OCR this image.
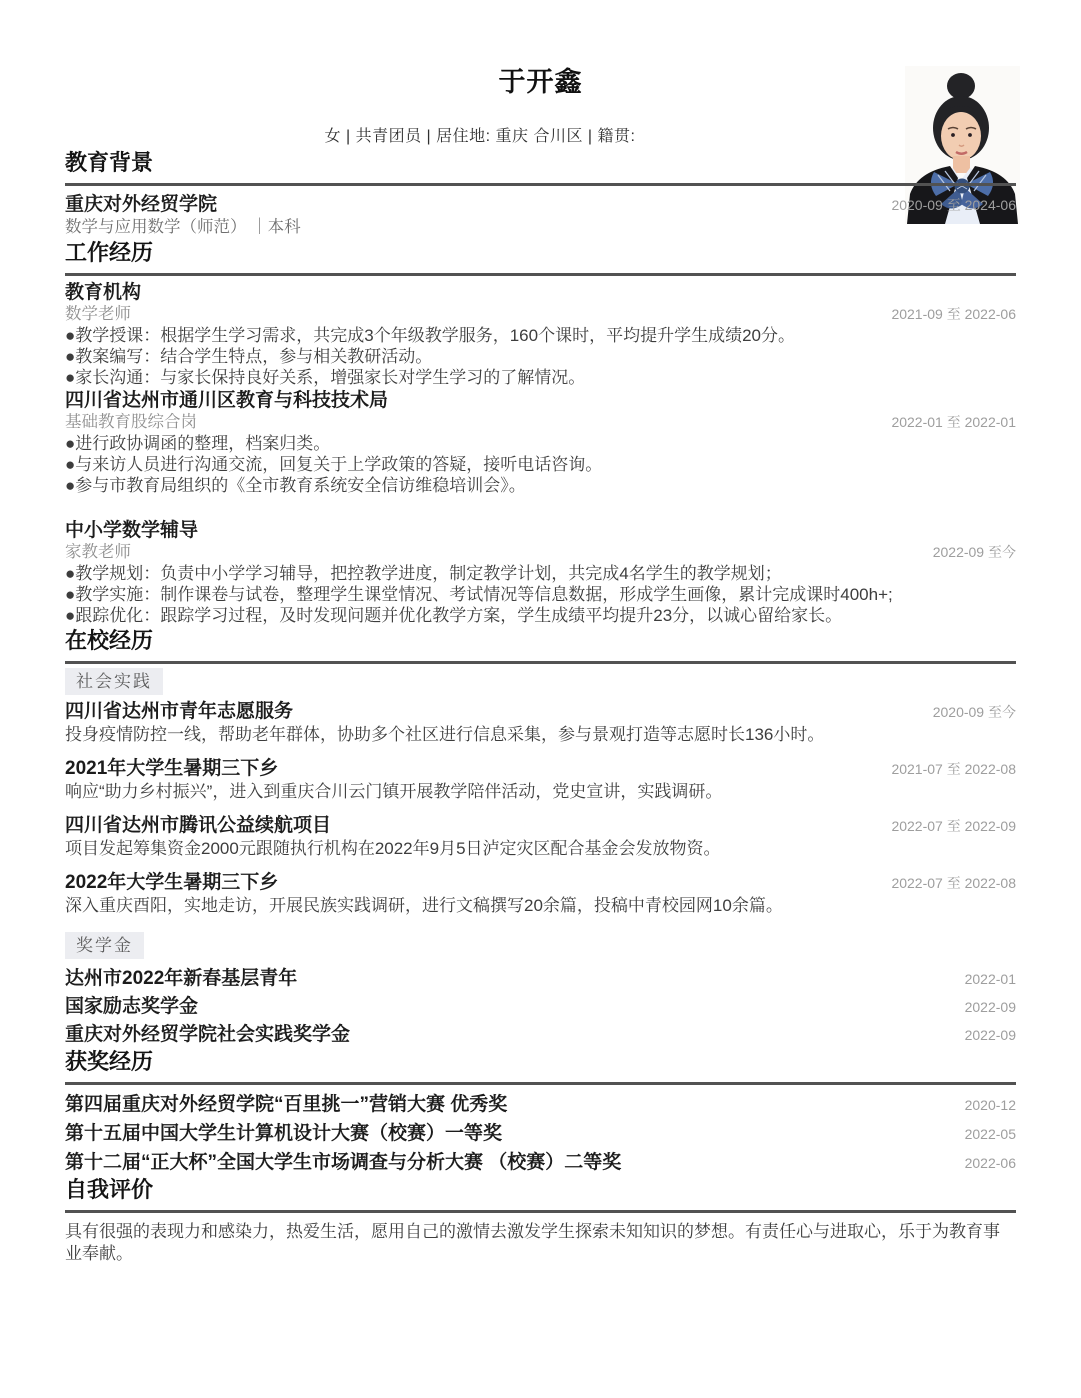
于开鑫
女 | 共青团员 | 居住地: 重庆 合川区 | 籍贯:
教育背景
重庆对外经贸学院	2020-09 至 2024-06
数学与应用数学（师范） ｜本科
工作经历
教育机构
数学老师	2021-09 至 2022-06
●教学授课：根据学生学习需求，共完成3个年级教学服务，160个课时，平均提升学生成绩20分。
●教案编写：结合学生特点，参与相关教研活动。
●家长沟通：与家长保持良好关系，增强家长对学生学习的了解情况。
四川省达州市通川区教育与科技技术局
基础教育股综合岗	2022-01 至 2022-01
●进行政协调函的整理，档案归类。
●与来访人员进行沟通交流，回复关于上学政策的答疑，接听电话咨询。
●参与市教育局组织的《全市教育系统安全信访维稳培训会》。
中小学数学辅导
家教老师	2022-09 至今
●教学规划：负责中小学学习辅导，把控教学进度，制定教学计划，共完成4名学生的教学规划；
●教学实施：制作课卷与试卷，整理学生课堂情况、考试情况等信息数据，形成学生画像，累计完成课时400h+;
●跟踪优化：跟踪学习过程，及时发现问题并优化教学方案，学生成绩平均提升23分，以诚心留给家长。
在校经历
社会实践
四川省达州市青年志愿服务	2020-09 至今
投身疫情防控一线，帮助老年群体，协助多个社区进行信息采集，参与景观打造等志愿时长136小时。
2021年大学生暑期三下乡	2021-07 至 2022-08
响应“助力乡村振兴”，进入到重庆合川云门镇开展教学陪伴活动，党史宣讲，实践调研。
四川省达州市腾讯公益续航项目	2022-07 至 2022-09
项目发起筹集资金2000元跟随执行机构在2022年9月5日泸定灾区配合基金会发放物资。
2022年大学生暑期三下乡	2022-07 至 2022-08
深入重庆酉阳，实地走访，开展民族实践调研，进行文稿撰写20余篇，投稿中青校园网10余篇。
奖学金
达州市2022年新春基层青年	2022-01
国家励志奖学金	2022-09
重庆对外经贸学院社会实践奖学金	2022-09
获奖经历
第四届重庆对外经贸学院“百里挑一”营销大赛 优秀奖	2020-12
第十五届中国大学生计算机设计大赛（校赛）一等奖	2022-05
第十二届“正大杯”全国大学生市场调查与分析大赛 （校赛）二等奖	2022-06
自我评价

具有很强的表现力和感染力，热爱生活，愿用自己的激情去激发学生探索未知知识的梦想。有责任心与进取心，乐于为教育事业奉献。
